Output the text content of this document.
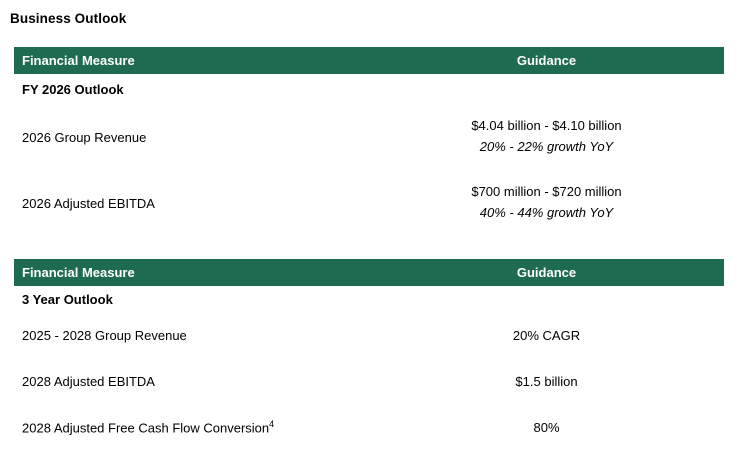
Business Outlook
Financial Measure	Guidance
FY 2026 Outlook	
2026 Group Revenue	$4.04 billion - $4.10 billion
20% - 22% growth YoY

2026 Adjusted EBITDA	$700 million - $720 million
40% - 44% growth YoY
Financial Measure	Guidance
3 Year Outlook	
2025 - 2028 Group Revenue	20% CAGR

2028 Adjusted EBITDA	$1.5 billion

2028 Adjusted Free Cash Flow Conversion$^4$	80%
